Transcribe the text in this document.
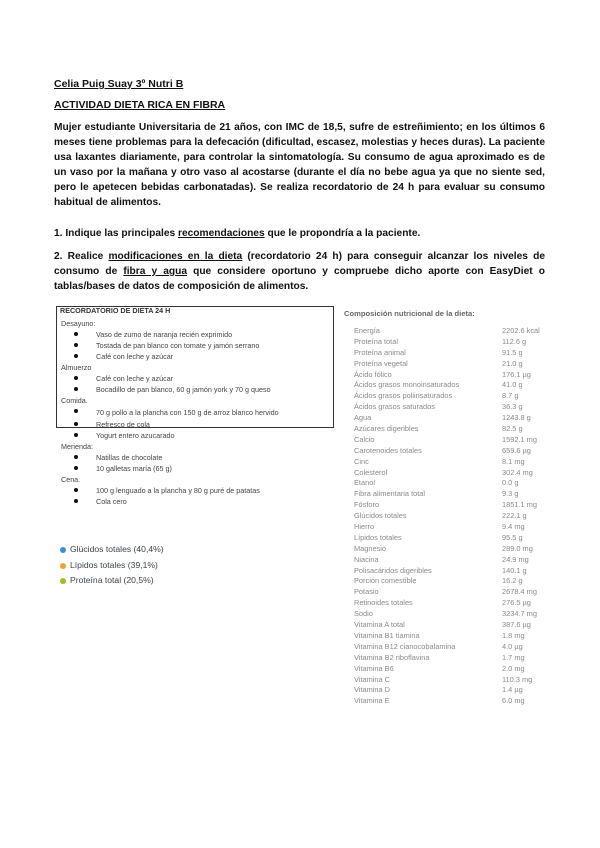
Celia Puig Suay 3º Nutri B
ACTIVIDAD DIETA RICA EN FIBRA
Mujer estudiante Universitaria de 21 años, con IMC de 18,5, sufre de estreñimiento; en los últimos 6 meses tiene problemas para la defecación (dificultad, escasez, molestias y heces duras). La paciente usa laxantes diariamente, para controlar la sintomatología. Su consumo de agua aproximado es de un vaso por la mañana y otro vaso al acostarse (durante el día no bebe agua ya que no siente sed, pero le apetecen bebidas carbonatadas). Se realiza recordatorio de 24 h para evaluar su consumo habitual de alimentos.
1. Indique las principales recomendaciones que le propondría a la paciente.
2. Realice modificaciones en la dieta (recordatorio 24 h) para conseguir alcanzar los niveles de consumo de fibra y agua que considere oportuno y compruebe dicho aporte con EasyDiet o tablas/bases de datos de composición de alimentos.
RECORDATORIO DE DIETA 24 H
Desayuno:
Vaso de zumo de naranja recién exprimido
Tostada de pan blanco con tomate y jamón serrano
Café con leche y azúcar
Almuerzo
Café con leche y azúcar
Bocadillo de pan blanco, 60 g jamón york y 70 g queso
Comida.
70 g pollo a la plancha con 150 g de arroz blanco hervido
Refresco de cola
Yogurt entero azucarado
Merienda:
Natillas de chocolate
10 galletas maría (65 g)
Cena.
100 g lenguado a la plancha y 80 g puré de patatas
Cola cero
Glúcidos totales (40,4%)
Lípidos totales (39,1%)
Proteína total (20,5%)
Composición nutricional de la dieta:
Energía	2202.6 kcal
Proteína total	112.6 g
Proteína animal	91.5 g
Proteína vegetal	21.0 g
Ácido fólico	176.1 µg
Ácidos grasos monoinsaturados	41.0 g
Ácidos grasos poliinsaturados	8.7 g
Ácidos grasos saturados	36.3 g
Agua	1243.8 g
Azúcares digeribles	82.5 g
Calcio	1592.1 mg
Carotenoides totales	659.6 µg
Cinc	8.1 mg
Colesterol	302.4 mg
Etanol	0.0 g
Fibra alimentaria total	9.3 g
Fósforo	1851.1 mg
Glúcidos totales	222.1 g
Hierro	9.4 mg
Lípidos totales	95.5 g
Magnesio	289.0 mg
Niacina	24.9 mg
Polisacáridos digeribles	140.1 g
Porción comestible	16.2 g
Potasio	2678.4 mg
Retinoides totales	276.5 µg
Sodio	3234.7 mg
Vitamina A total	387.6 µg
Vitamina B1 tiamina	1.8 mg
Vitamina B12 cianocobalamina	4.0 µg
Vitamina B2 riboflavina	1.7 mg
Vitamina B6	2.0 mg
Vitamina C	110.3 mg
Vitamina D	1.4 µg
Vitamina E	6.0 mg
